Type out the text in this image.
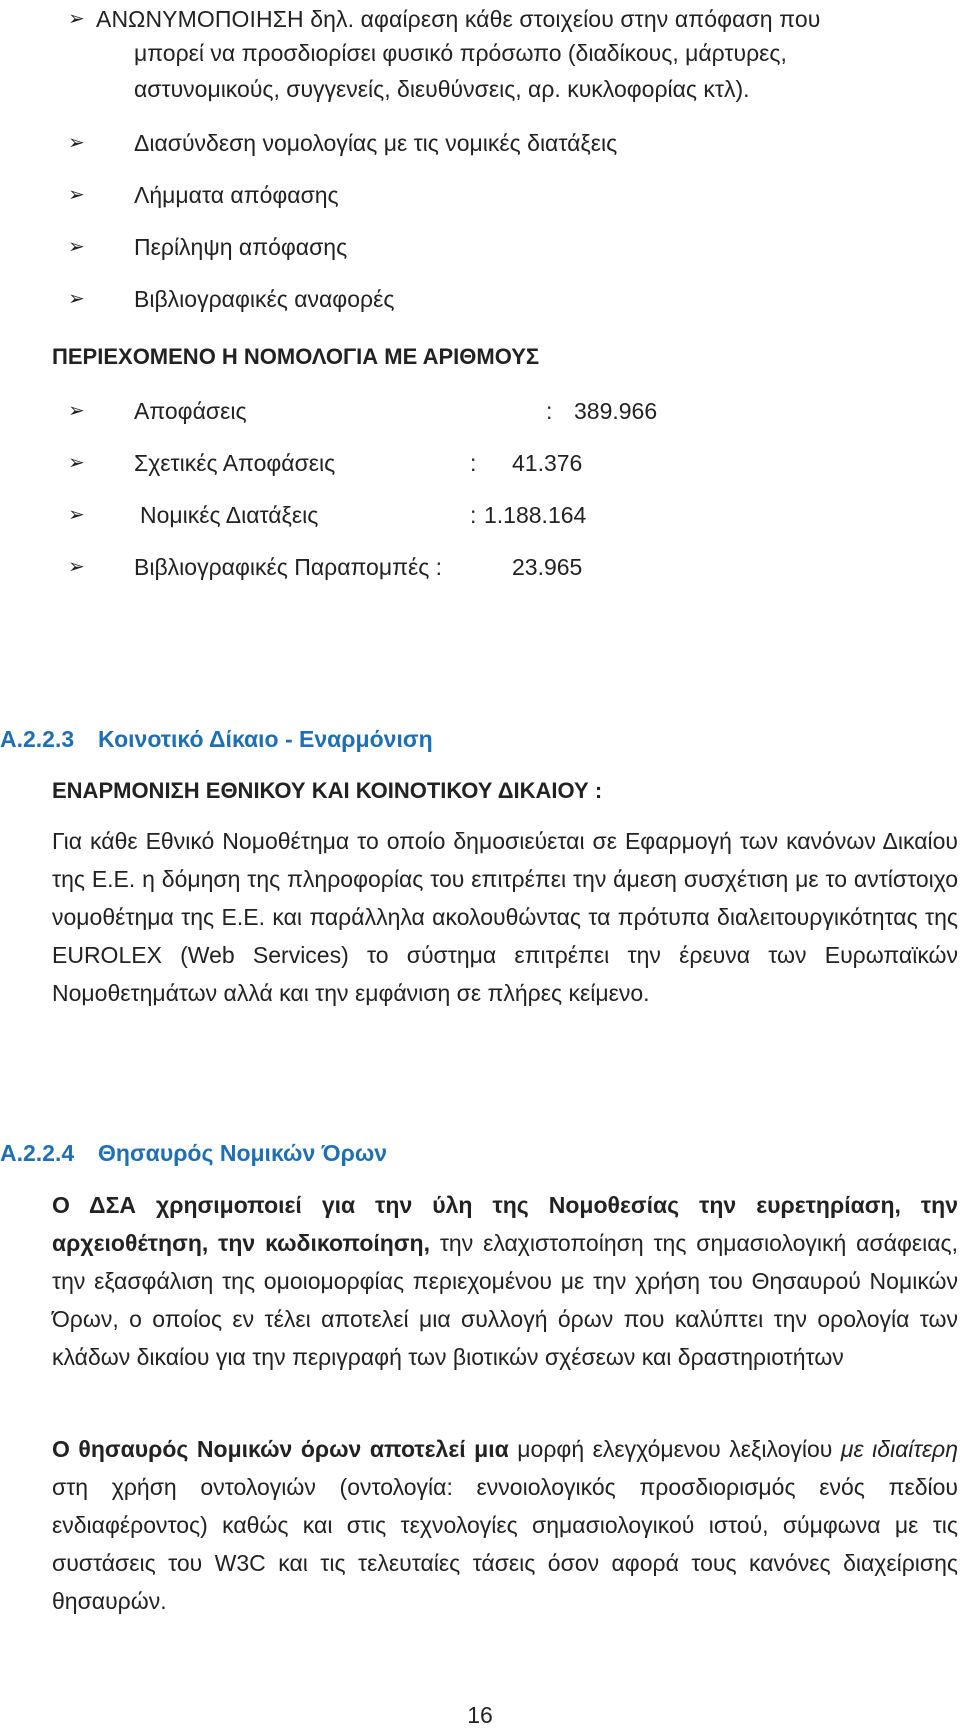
➢ ΑΝΩΝΥΜΟΠΟΙΗΣΗ δηλ. αφαίρεση κάθε στοιχείου στην απόφαση που
μπορεί να προσδιορίσει φυσικό πρόσωπο (διαδίκους, μάρτυρες,
αστυνομικούς, συγγενείς, διευθύνσεις, αρ. κυκλοφορίας κτλ).
➢	Διασύνδεση νομολογίας με τις νομικές διατάξεις
➢	Λήμματα απόφασης
➢	Περίληψη απόφασης
➢	Βιβλιογραφικές αναφορές
ΠΕΡΙΕΧΟΜΕΝΟ Η ΝΟΜΟΛΟΓΙΑ ΜΕ ΑΡΙΘΜΟΥΣ
➢ Αποφάσεις	: 389.966
➢ Σχετικές Αποφάσεις	: 41.376
➢ Νομικές Διατάξεις	: 1.188.164
➢ Βιβλιογραφικές Παραπομπές :	23.965
Α.2.2.3 Κοινοτικό Δίκαιο - Εναρμόνιση
ΕΝΑΡΜΟΝΙΣΗ ΕΘΝΙΚΟΥ ΚΑΙ ΚΟΙΝΟΤΙΚΟΥ ΔΙΚΑΙΟΥ :
Για κάθε Εθνικό Νομοθέτημα το οποίο δημοσιεύεται σε Εφαρμογή των κανόνων Δικαίου της Ε.Ε. η δόμηση της πληροφορίας του επιτρέπει την άμεση συσχέτιση με το αντίστοιχο νομοθέτημα της Ε.Ε. και παράλληλα ακολουθώντας τα πρότυπα διαλειτουργικότητας της EUROLEX (Web Services) το σύστημα επιτρέπει την έρευνα των Ευρωπαϊκών Νομοθετημάτων αλλά και την εμφάνιση σε πλήρες κείμενο.
Α.2.2.4 Θησαυρός Νομικών Όρων
Ο ΔΣΑ χρησιμοποιεί για την ύλη της Νομοθεσίας την ευρετηρίαση, την αρχειοθέτηση, την κωδικοποίηση, την ελαχιστοποίηση της σημασιολογική ασάφειας, την εξασφάλιση της ομοιομορφίας περιεχομένου με την χρήση του Θησαυρού Νομικών Όρων, ο οποίος εν τέλει αποτελεί μια συλλογή όρων που καλύπτει την ορολογία των κλάδων δικαίου για την περιγραφή των βιοτικών σχέσεων και δραστηριοτήτων
Ο θησαυρός Νομικών όρων αποτελεί μια μορφή ελεγχόμενου λεξιλογίου με ιδιαίτερη στη χρήση οντολογιών (οντολογία: εννοιολογικός προσδιορισμός ενός πεδίου ενδιαφέροντος) καθώς και στις τεχνολογίες σημασιολογικού ιστού, σύμφωνα με τις συστάσεις του W3C και τις τελευταίες τάσεις όσον αφορά τους κανόνες διαχείρισης θησαυρών.
16
